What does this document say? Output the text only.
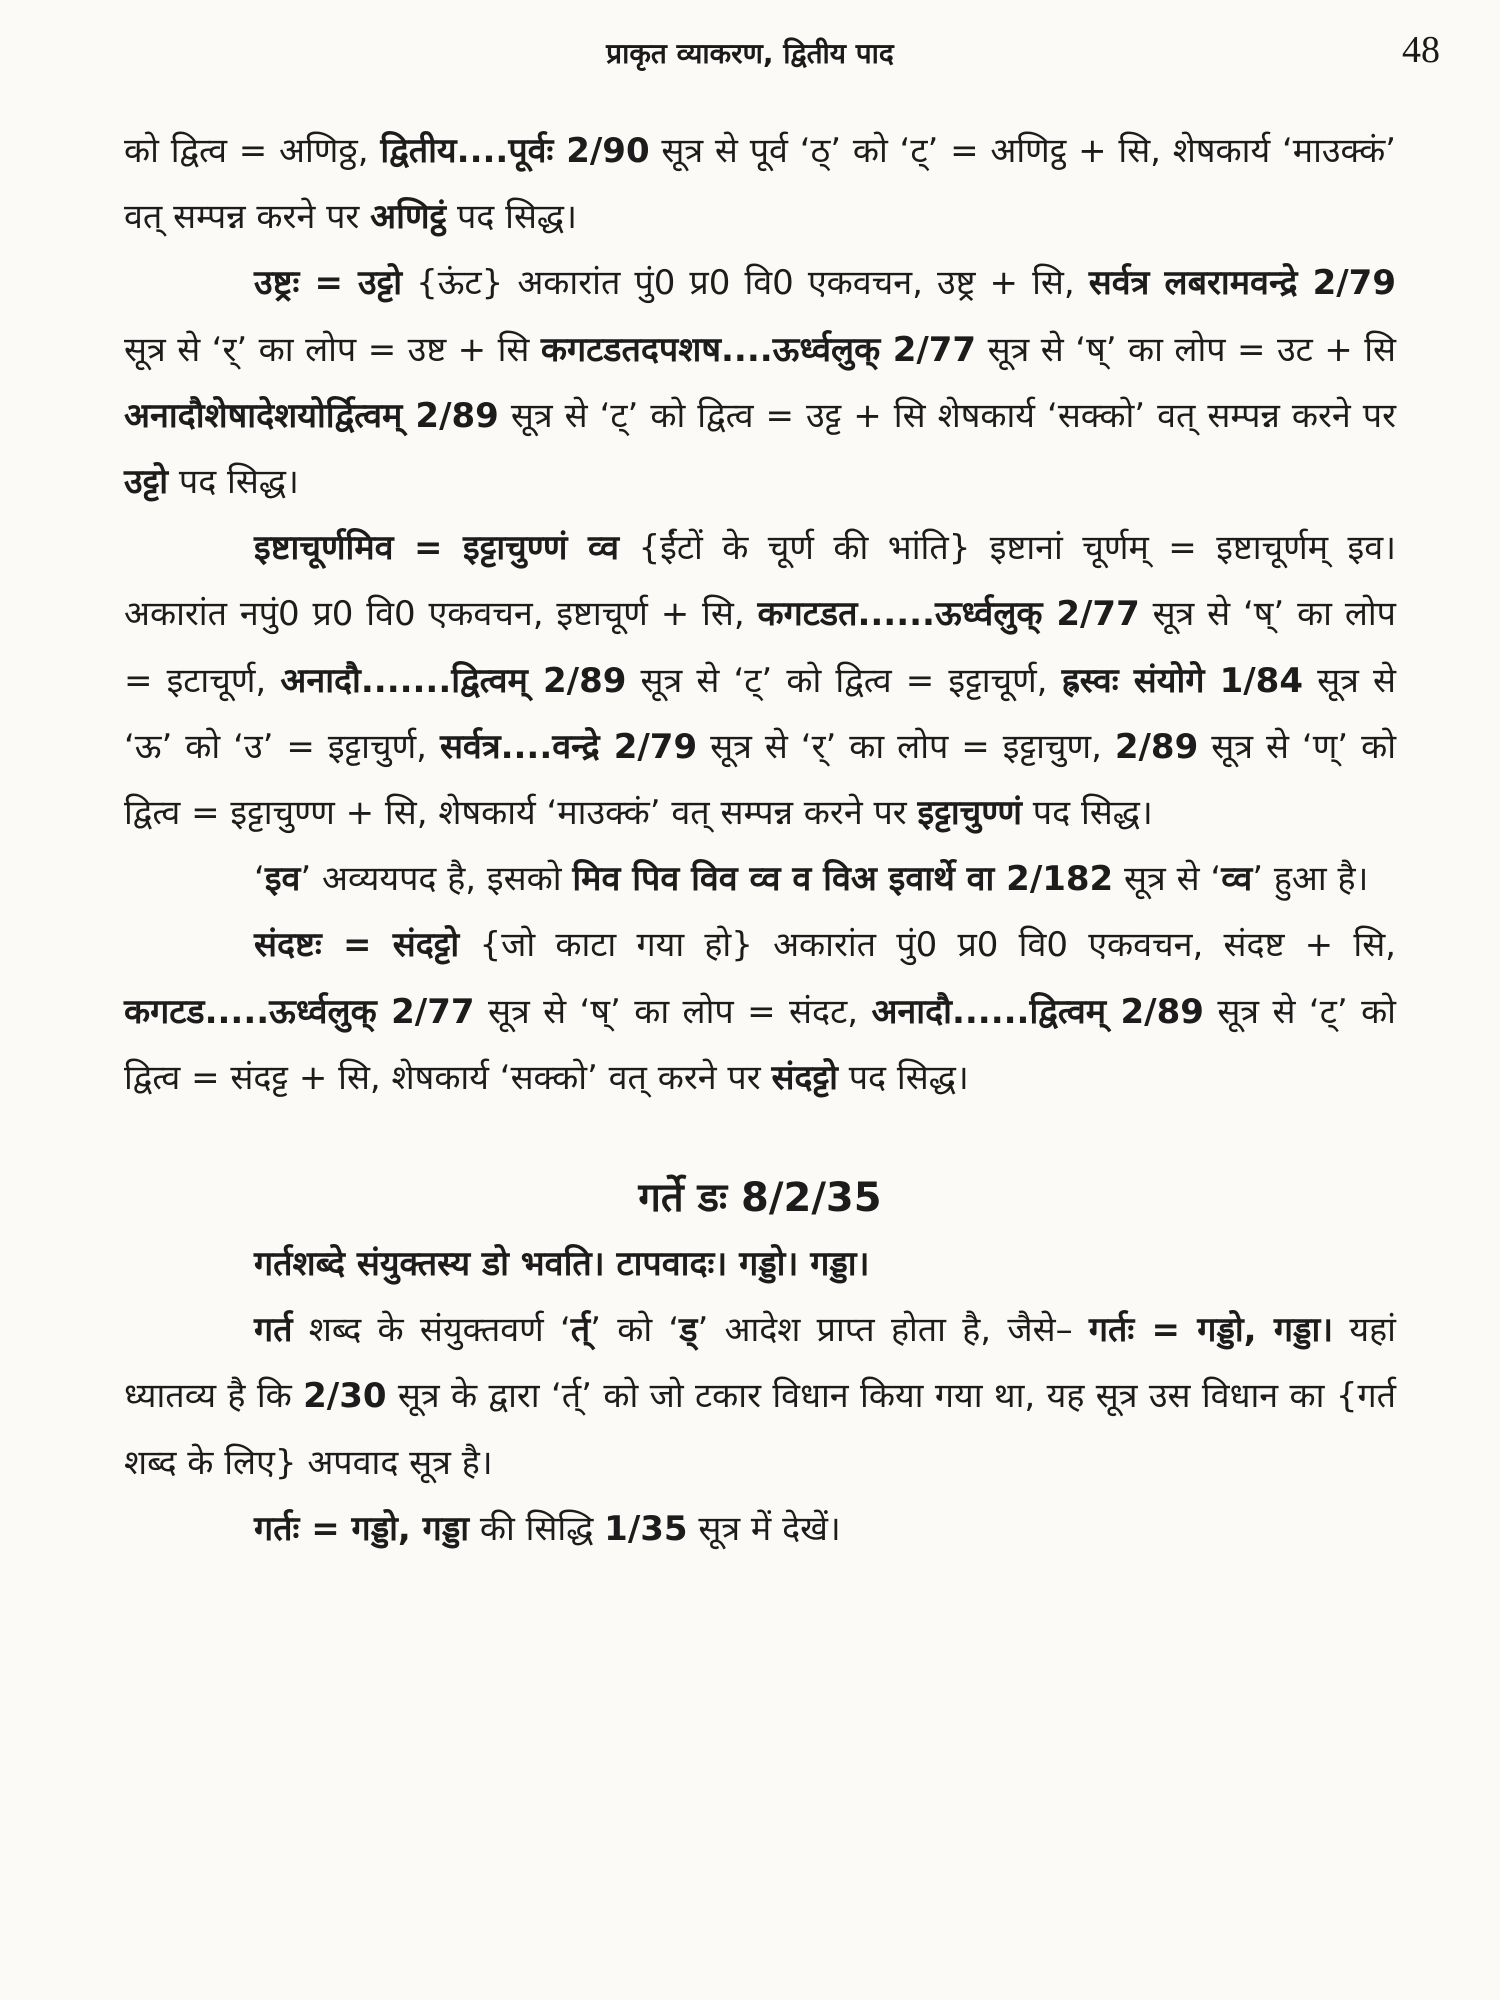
प्राकृत व्याकरण, द्वितीय पाद	48

को द्वित्व = अणिठ्ठ, द्वितीय....पूर्वः 2/90 सूत्र से पूर्व ‘ठ्’ को ‘ट्’ = अणिट्ठ + सि, शेषकार्य ‘माउक्कं’ वत् सम्पन्न करने पर अणिट्ठं पद सिद्ध।

उष्ट्रः = उट्टो {ऊंट} अकारांत पुं0 प्र0 वि0 एकवचन, उष्ट्र + सि, सर्वत्र लबरामवन्द्रे 2/79 सूत्र से ‘र्’ का लोप = उष्ट + सि कगटडतदपशष....ऊर्ध्वलुक् 2/77 सूत्र से ‘ष्’ का लोप = उट + सि अनादौशेषादेशयोर्द्वित्वम् 2/89 सूत्र से ‘ट्’ को द्वित्व = उट्ट + सि शेषकार्य ‘सक्को’ वत् सम्पन्न करने पर उट्टो पद सिद्ध।

इष्टाचूर्णमिव = इट्टाचुण्णं व्व {ईंटों के चूर्ण की भांति} इष्टानां चूर्णम् = इष्टाचूर्णम् इव। अकारांत नपुं0 प्र0 वि0 एकवचन, इष्टाचूर्ण + सि, कगटडत......ऊर्ध्वलुक् 2/77 सूत्र से ‘ष्’ का लोप = इटाचूर्ण, अनादौ.......द्वित्वम् 2/89 सूत्र से ‘ट्’ को द्वित्व = इट्टाचूर्ण, ह्रस्वः संयोगे 1/84 सूत्र से ‘ऊ’ को ‘उ’ = इट्टाचुर्ण, सर्वत्र....वन्द्रे 2/79 सूत्र से ‘र्’ का लोप = इट्टाचुण, 2/89 सूत्र से ‘ण्’ को द्वित्व = इट्टाचुण्ण + सि, शेषकार्य ‘माउक्कं’ वत् सम्पन्न करने पर इट्टाचुण्णं पद सिद्ध।

‘इव’ अव्ययपद है, इसको मिव पिव विव व्व व विअ इवार्थे वा 2/182 सूत्र से ‘व्व’ हुआ है।

संदष्टः = संदट्टो {जो काटा गया हो} अकारांत पुं0 प्र0 वि0 एकवचन, संदष्ट + सि, कगटड.....ऊर्ध्वलुक् 2/77 सूत्र से ‘ष्’ का लोप = संदट, अनादौ......द्वित्वम् 2/89 सूत्र से ‘ट्’ को द्वित्व = संदट्ट + सि, शेषकार्य ‘सक्को’ वत् करने पर संदट्टो पद सिद्ध।

गर्ते डः 8/2/35

गर्तशब्दे संयुक्तस्य डो भवति। टापवादः। गड्डो। गड्डा।

गर्त शब्द के संयुक्तवर्ण ‘र्त्’ को ‘ड्’ आदेश प्राप्त होता है, जैसे– गर्तः = गड्डो, गड्डा। यहां ध्यातव्य है कि 2/30 सूत्र के द्वारा ‘र्त्’ को जो टकार विधान किया गया था, यह सूत्र उस विधान का {गर्त शब्द के लिए} अपवाद सूत्र है।

गर्तः = गड्डो, गड्डा की सिद्धि 1/35 सूत्र में देखें।
